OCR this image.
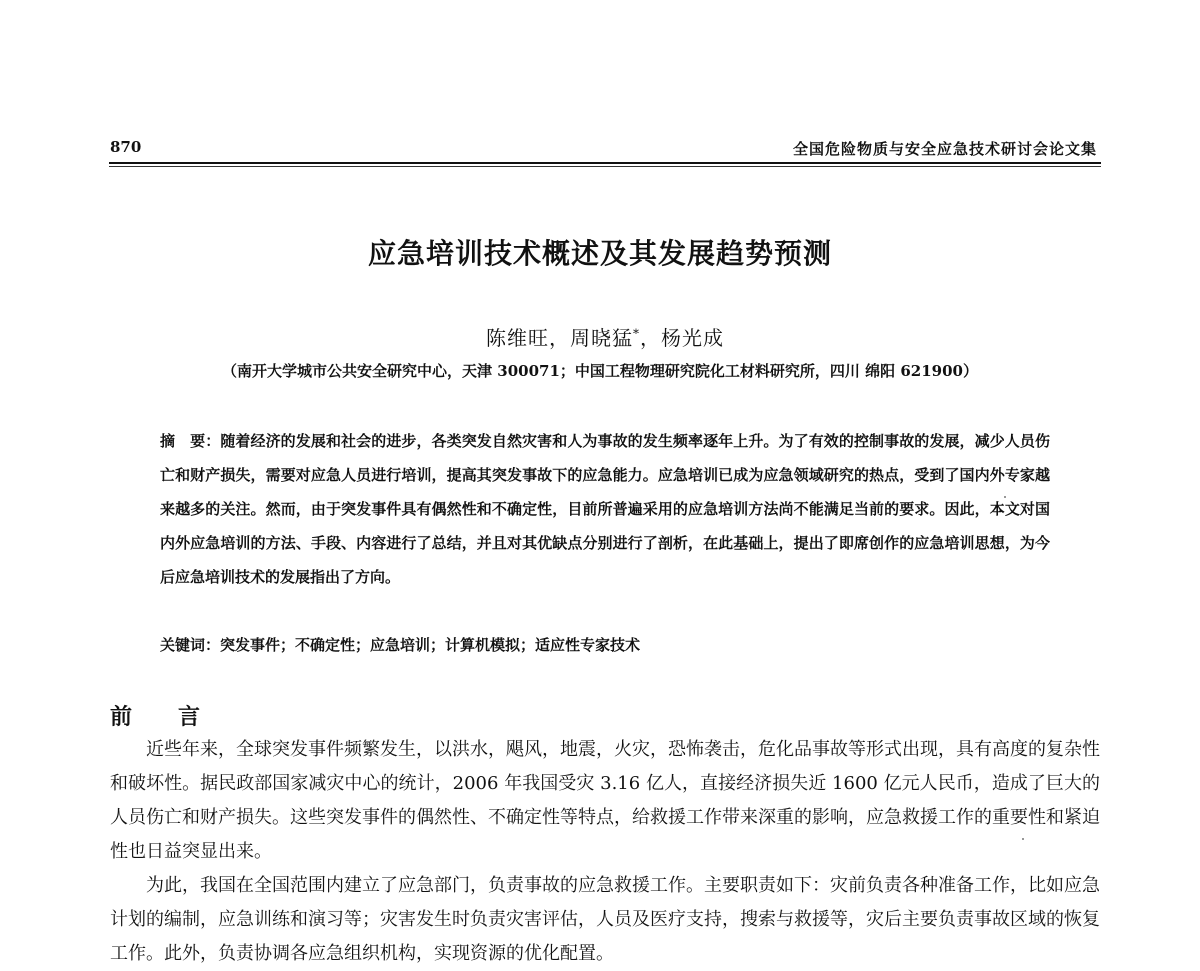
870	全国危险物质与安全应急技术研讨会论文集
应急培训技术概述及其发展趋势预测
陈维旺，周晓猛*，杨光成
（南开大学城市公共安全研究中心，天津 300071；中国工程物理研究院化工材料研究所，四川 绵阳 621900）
摘　要：随着经济的发展和社会的进步，各类突发自然灾害和人为事故的发生频率逐年上升。为了有效的控制事故的发展，减少人员伤亡和财产损失，需要对应急人员进行培训，提高其突发事故下的应急能力。应急培训已成为应急领域研究的热点，受到了国内外专家越来越多的关注。然而，由于突发事件具有偶然性和不确定性，目前所普遍采用的应急培训方法尚不能满足当前的要求。因此，本文对国内外应急培训的方法、手段、内容进行了总结，并且对其优缺点分别进行了剖析，在此基础上，提出了即席创作的应急培训思想，为今后应急培训技术的发展指出了方向。
关键词：突发事件；不确定性；应急培训；计算机模拟；适应性专家技术
前　言

近些年来，全球突发事件频繁发生，以洪水，飓风，地震，火灾，恐怖袭击，危化品事故等形式出现，具有高度的复杂性和破坏性。据民政部国家减灾中心的统计，2006 年我国受灾 3.16 亿人，直接经济损失近 1600 亿元人民币，造成了巨大的人员伤亡和财产损失。这些突发事件的偶然性、不确定性等特点，给救援工作带来深重的影响，应急救援工作的重要性和紧迫性也日益突显出来。

为此，我国在全国范围内建立了应急部门，负责事故的应急救援工作。主要职责如下：灾前负责各种准备工作，比如应急计划的编制，应急训练和演习等；灾害发生时负责灾害评估，人员及医疗支持，搜索与救援等，灾后主要负责事故区域的恢复工作。此外，负责协调各应急组织机构，实现资源的优化配置。
